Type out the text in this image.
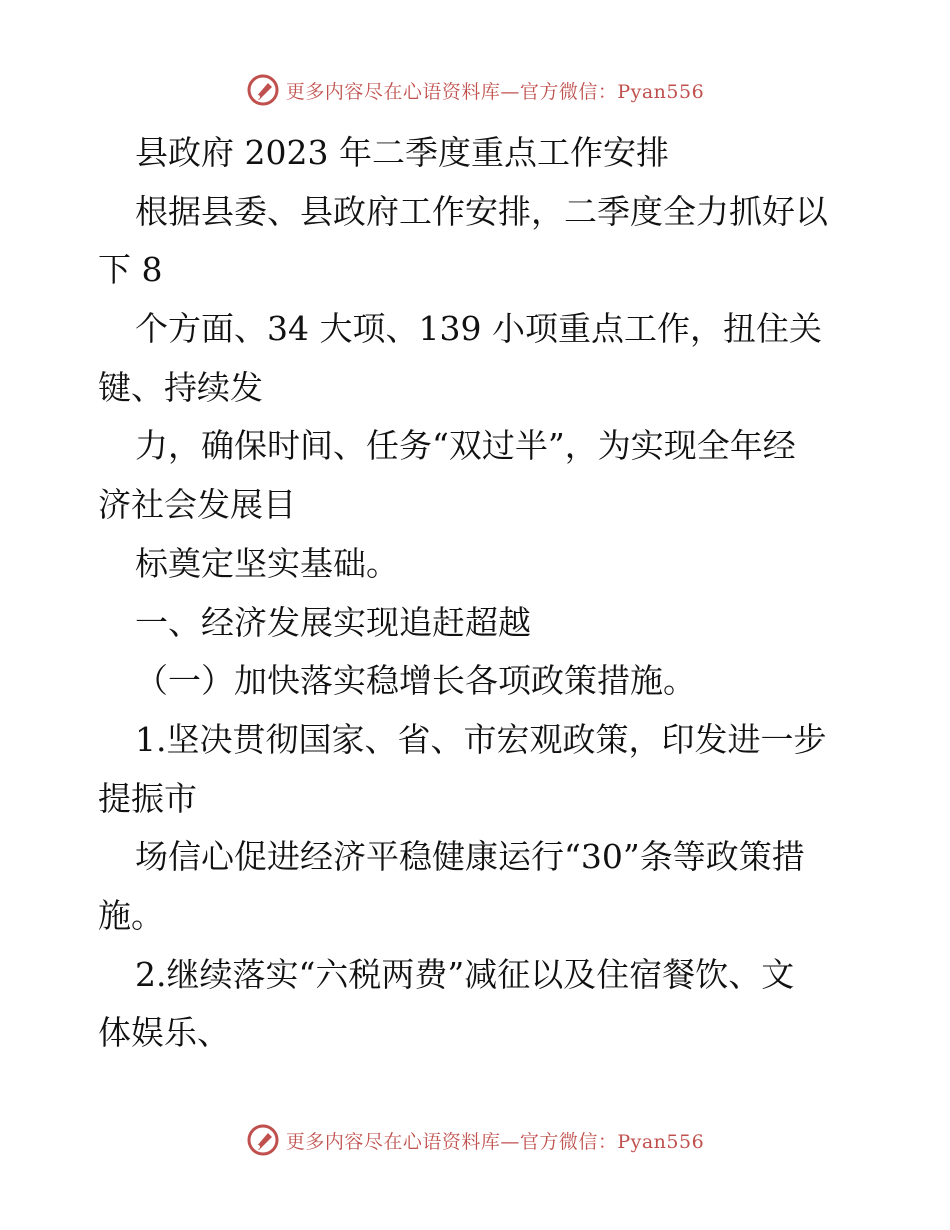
更多内容尽在心语资料库—官方微信：Pyan556
县政府 2023 年二季度重点工作安排
根据县委、县政府工作安排，二季度全力抓好以
下 8
个方面、34 大项、139 小项重点工作，扭住关
键、持续发
力，确保时间、任务“双过半”，为实现全年经
济社会发展目
标奠定坚实基础。
一、经济发展实现追赶超越
（一）加快落实稳增长各项政策措施。
1.坚决贯彻国家、省、市宏观政策，印发进一步
提振市
场信心促进经济平稳健康运行“30”条等政策措
施。
2.继续落实“六税两费”减征以及住宿餐饮、文
体娱乐、
更多内容尽在心语资料库—官方微信：Pyan556
